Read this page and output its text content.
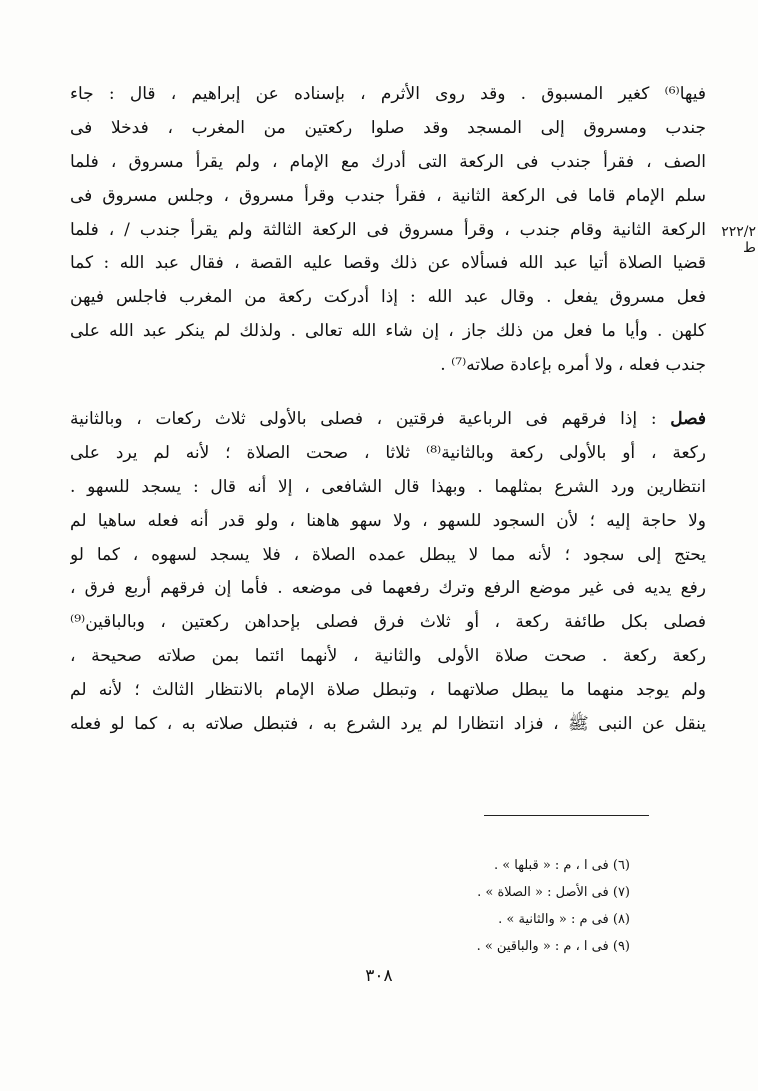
٢٢٢/٢ ط
فيها⁽⁶⁾ كغير المسبوق . وقد روى الأثرم ، بإسناده عن إبراهيم ، قال : جاء
جندب ومسروق إلى المسجد وقد صلوا ركعتين من المغرب ، فدخلا فى
الصف ، فقرأ جندب فى الركعة التى أدرك مع الإمام ، ولم يقرأ مسروق ، فلما
سلم الإمام قاما فى الركعة الثانية ، فقرأ جندب وقرأ مسروق ، وجلس مسروق فى
الركعة الثانية وقام جندب ، وقرأ مسروق فى الركعة الثالثة ولم يقرأ جندب / ، فلما
قضيا الصلاة أتيا عبد الله فسألاه عن ذلك وقصا عليه القصة ، فقال عبد الله : كما
فعل مسروق يفعل . وقال عبد الله : إذا أدركت ركعة من المغرب فاجلس فيهن
كلهن . وأيا ما فعل من ذلك جاز ، إن شاء الله تعالى . ولذلك لم ينكر عبد الله على
جندب فعله ، ولا أمره بإعادة صلاته⁽⁷⁾ .
فصل : إذا فرقهم فى الرباعية فرقتين ، فصلى بالأولى ثلاث ركعات ، وبالثانية
ركعة ، أو بالأولى ركعة وبالثانية⁽⁸⁾ ثلاثا ، صحت الصلاة ؛ لأنه لم يرد على
انتظارين ورد الشرع بمثلهما . وبهذا قال الشافعى ، إلا أنه قال : يسجد للسهو .
ولا حاجة إليه ؛ لأن السجود للسهو ، ولا سهو هاهنا ، ولو قدر أنه فعله ساهيا لم
يحتج إلى سجود ؛ لأنه مما لا يبطل عمده الصلاة ، فلا يسجد لسهوه ، كما لو
رفع يديه فى غير موضع الرفع وترك رفعهما فى موضعه . فأما إن فرقهم أربع فرق ،
فصلى بكل طائفة ركعة ، أو ثلاث فرق فصلى بإحداهن ركعتين ، وبالباقين⁽⁹⁾
ركعة ركعة . صحت صلاة الأولى والثانية ، لأنهما ائتما بمن صلاته صحيحة ،
ولم يوجد منهما ما يبطل صلاتهما ، وتبطل صلاة الإمام بالانتظار الثالث ؛ لأنه لم
ينقل عن النبى ﷺ ، فزاد انتظارا لم يرد الشرع به ، فتبطل صلاته به ، كما لو فعله
(٦) فى ا ، م : « قبلها » .
(٧) فى الأصل : « الصلاة » .
(٨) فى م : « والثانية » .
(٩) فى ا ، م : « والباقين » .
٣٠٨
